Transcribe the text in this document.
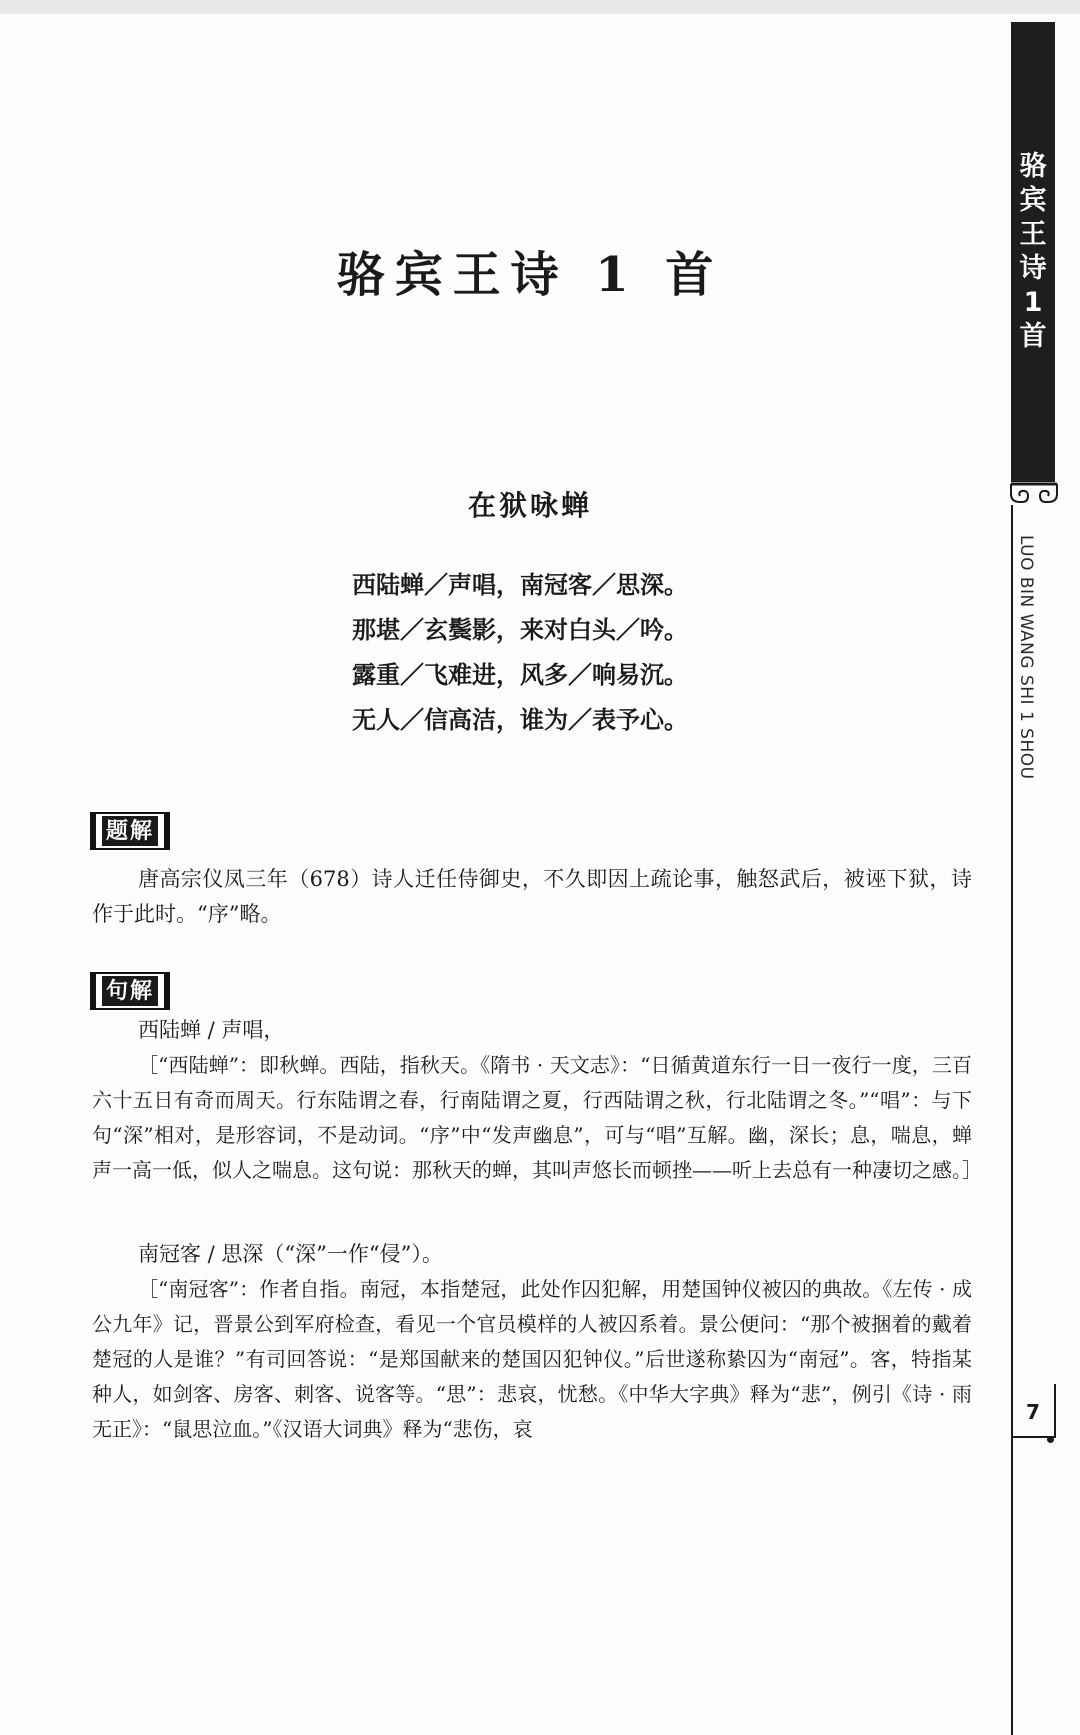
骆宾王诗1首
LUO BIN WANG SHI 1 SHOU
7
骆宾王诗 1 首
在狱咏蝉
西陆蝉／声唱，南冠客／思深。
那堪／玄鬓影，来对白头／吟。
露重／飞难进，风多／响易沉。
无人／信高洁，谁为／表予心。
题解
唐高宗仪凤三年（678）诗人迁任侍御史，不久即因上疏论事，触怒武后，被诬下狱，诗作于此时。“序”略。
句解
西陆蝉 / 声唱，
［“西陆蝉”：即秋蝉。西陆，指秋天。《隋书 · 天文志》：“日循黄道东行一日一夜行一度，三百六十五日有奇而周天。行东陆谓之春，行南陆谓之夏，行西陆谓之秋，行北陆谓之冬。”“唱”：与下句“深”相对，是形容词，不是动词。“序”中“发声幽息”，可与“唱”互解。幽，深长；息，喘息，蝉声一高一低，似人之喘息。这句说：那秋天的蝉，其叫声悠长而顿挫——听上去总有一种凄切之感。］
南冠客 / 思深（“深”一作“侵”）。
［“南冠客”：作者自指。南冠，本指楚冠，此处作囚犯解，用楚国钟仪被囚的典故。《左传 · 成公九年》记，晋景公到军府检查，看见一个官员模样的人被囚系着。景公便问：“那个被捆着的戴着楚冠的人是谁？”有司回答说：“是郑国献来的楚国囚犯钟仪。”后世遂称絷囚为“南冠”。客，特指某种人，如剑客、房客、刺客、说客等。“思”：悲哀，忧愁。《中华大字典》释为“悲”，例引《诗 · 雨无正》：“鼠思泣血。”《汉语大词典》释为“悲伤，哀
